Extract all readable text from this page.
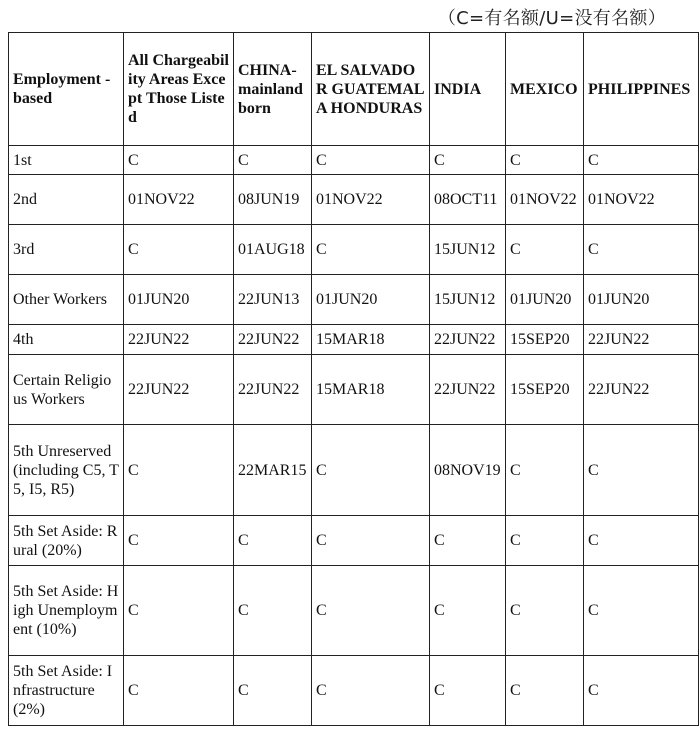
（C=有名额/U=没有名额）
Employment -based	All Chargeability Areas Except Those Listed	CHINA-mainland born	EL SALVADOR GUATEMALA HONDURAS	INDIA	MEXICO	PHILIPPINES
1st	C	C	C	C	C	C
2nd	01NOV22	08JUN19	01NOV22	08OCT11	01NOV22	01NOV22
3rd	C	01AUG18	C	15JUN12	C	C
Other Workers	01JUN20	22JUN13	01JUN20	15JUN12	01JUN20	01JUN20
4th	22JUN22	22JUN22	15MAR18	22JUN22	15SEP20	22JUN22
Certain Religious Workers	22JUN22	22JUN22	15MAR18	22JUN22	15SEP20	22JUN22
5th Unreserved (including C5, T5, I5, R5)	C	22MAR15	C	08NOV19	C	C
5th Set Aside: Rural (20%)	C	C	C	C	C	C
5th Set Aside: High Unemployment (10%)	C	C	C	C	C	C
5th Set Aside: Infrastructure (2%)	C	C	C	C	C	C
